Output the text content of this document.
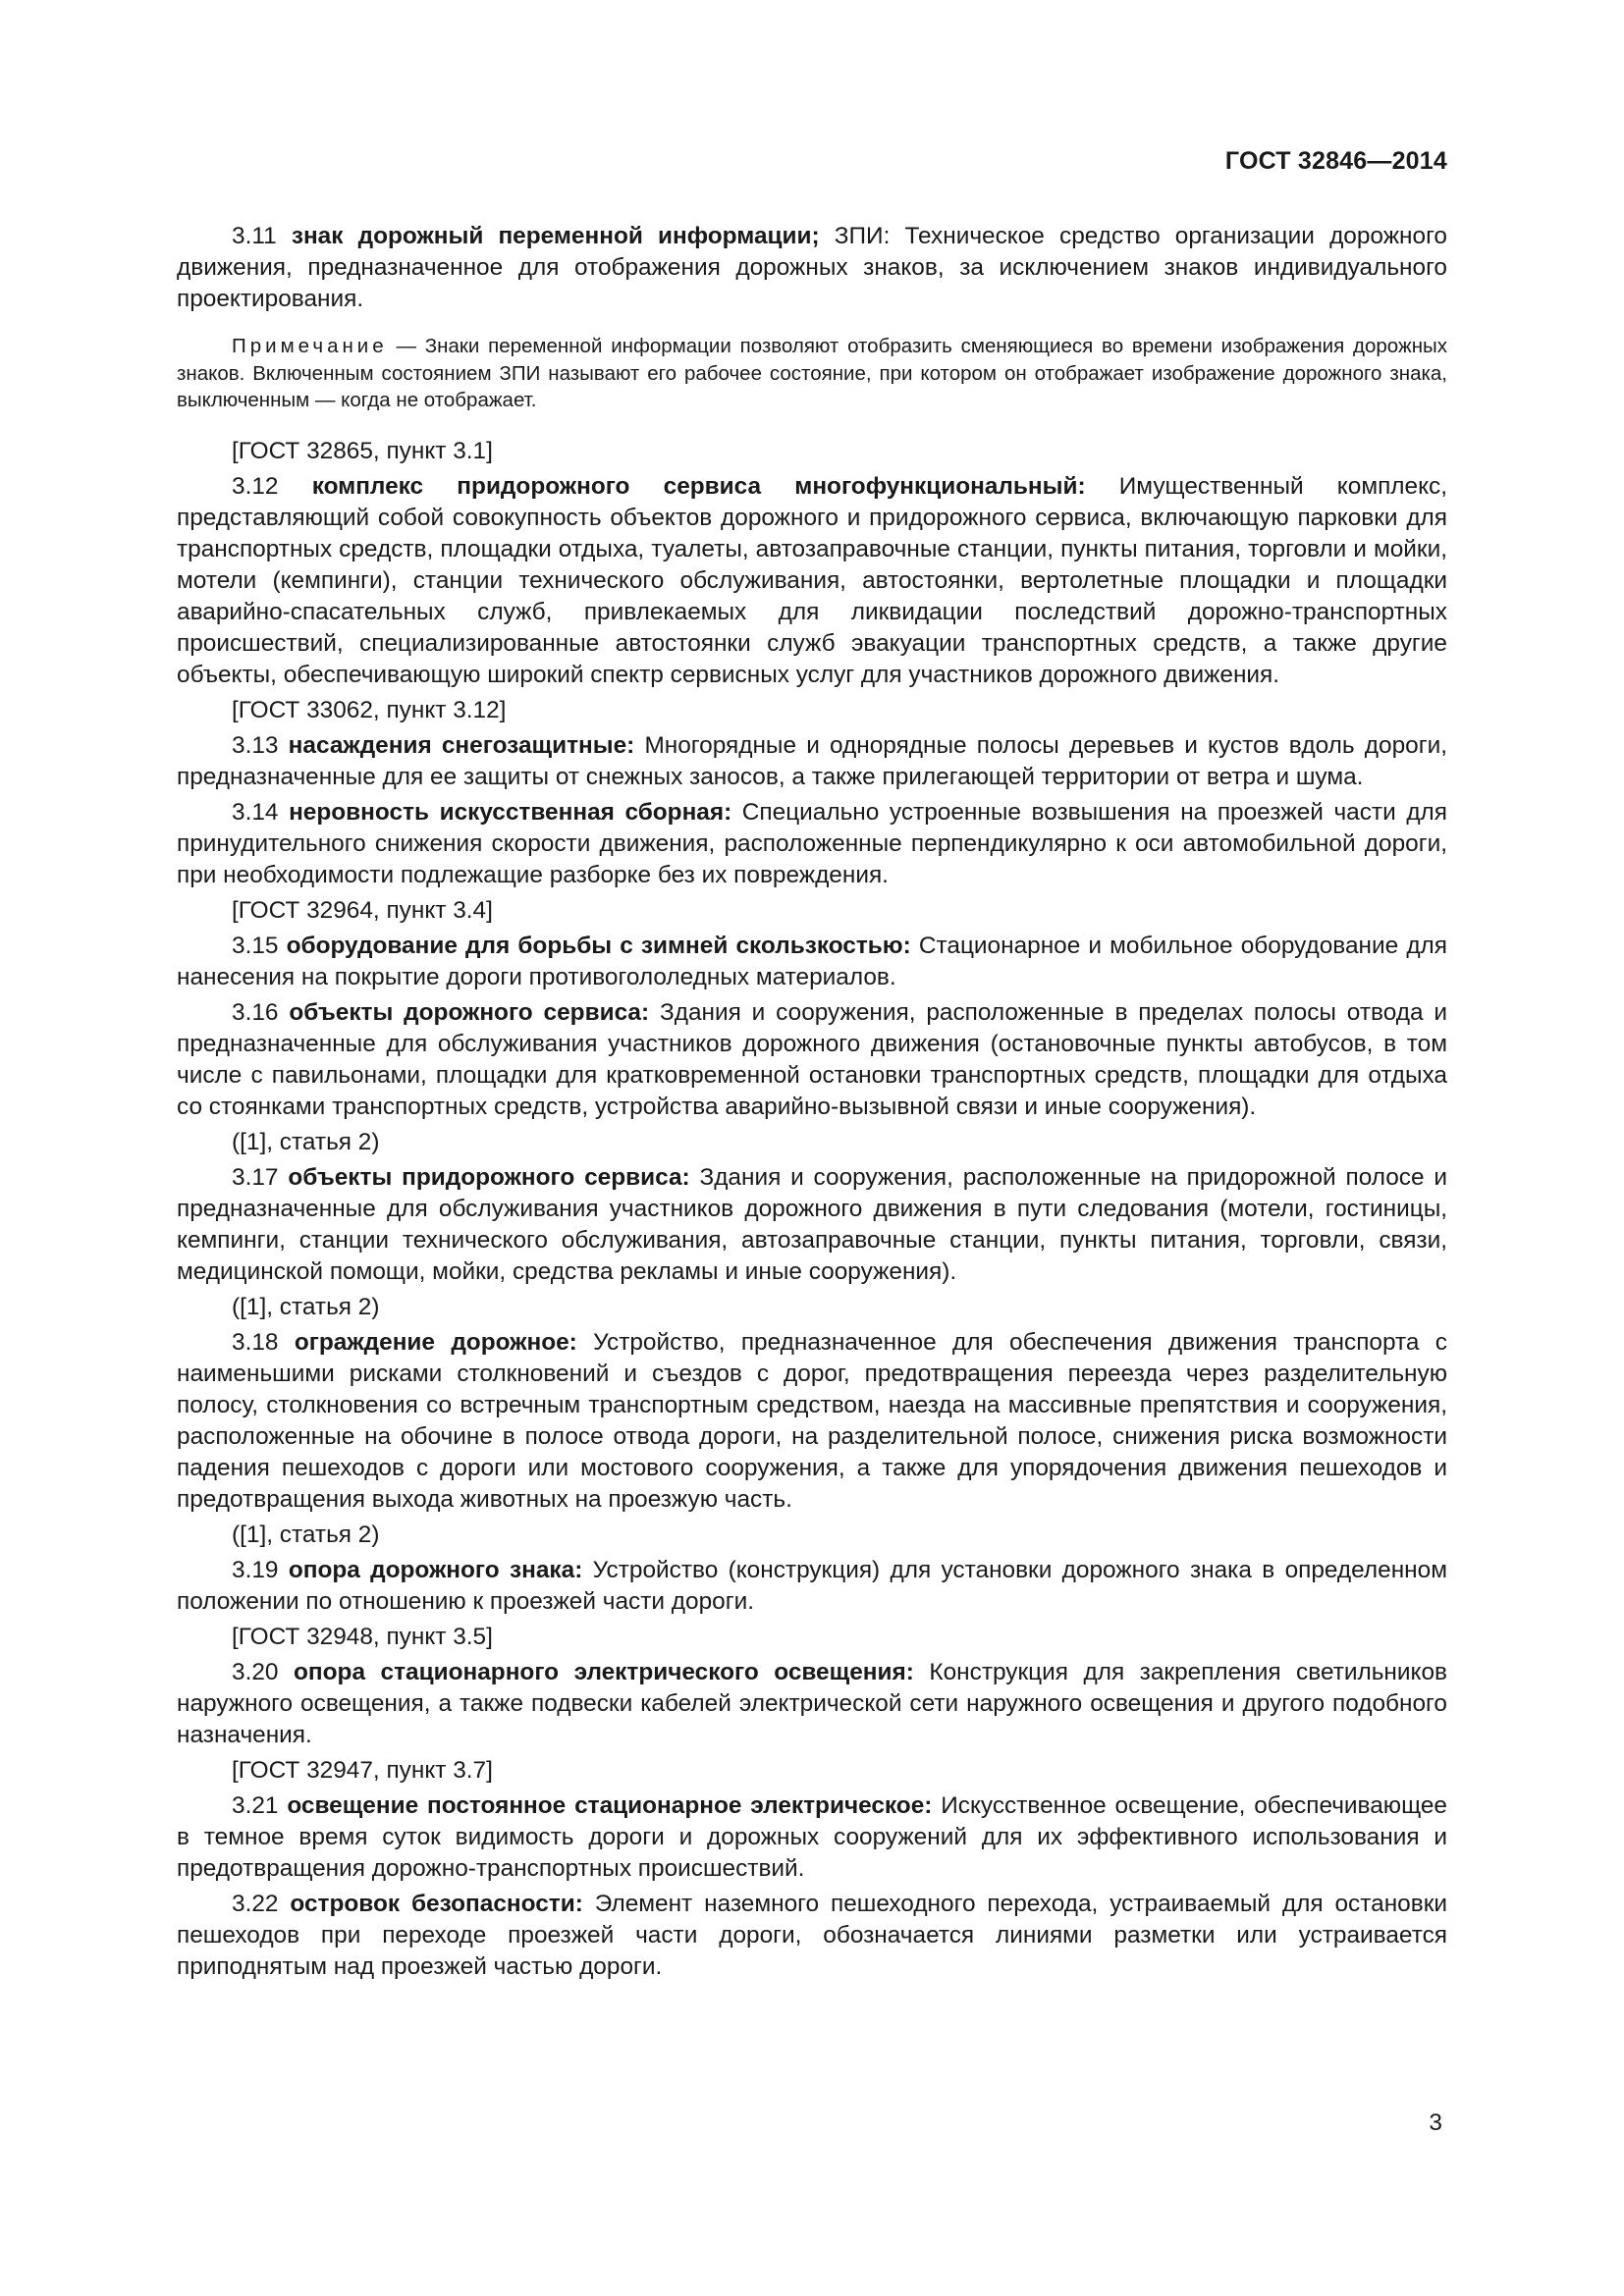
ГОСТ 32846—2014

3.11 знак дорожный переменной информации; ЗПИ: Техническое средство организации дорожного движения, предназначенное для отображения дорожных знаков, за исключением знаков индивидуального проектирования.

Примечание — Знаки переменной информации позволяют отобразить сменяющиеся во времени изображения дорожных знаков. Включенным состоянием ЗПИ называют его рабочее состояние, при котором он отображает изображение дорожного знака, выключенным — когда не отображает.

[ГОСТ 32865, пункт 3.1]

3.12 комплекс придорожного сервиса многофункциональный: Имущественный комплекс, представляющий собой совокупность объектов дорожного и придорожного сервиса, включающую парковки для транспортных средств, площадки отдыха, туалеты, автозаправочные станции, пункты питания, торговли и мойки, мотели (кемпинги), станции технического обслуживания, автостоянки, вертолетные площадки и площадки аварийно-спасательных служб, привлекаемых для ликвидации последствий дорожно-транспортных происшествий, специализированные автостоянки служб эвакуации транспортных средств, а также другие объекты, обеспечивающую широкий спектр сервисных услуг для участников дорожного движения.

[ГОСТ 33062, пункт 3.12]

3.13 насаждения снегозащитные: Многорядные и однорядные полосы деревьев и кустов вдоль дороги, предназначенные для ее защиты от снежных заносов, а также прилегающей территории от ветра и шума.

3.14 неровность искусственная сборная: Специально устроенные возвышения на проезжей части для принудительного снижения скорости движения, расположенные перпендикулярно к оси автомобильной дороги, при необходимости подлежащие разборке без их повреждения.

[ГОСТ 32964, пункт 3.4]

3.15 оборудование для борьбы с зимней скользкостью: Стационарное и мобильное оборудование для нанесения на покрытие дороги противогололедных материалов.

3.16 объекты дорожного сервиса: Здания и сооружения, расположенные в пределах полосы отвода и предназначенные для обслуживания участников дорожного движения (остановочные пункты автобусов, в том числе с павильонами, площадки для кратковременной остановки транспортных средств, площадки для отдыха со стоянками транспортных средств, устройства аварийно-вызывной связи и иные сооружения).

([1], статья 2)

3.17 объекты придорожного сервиса: Здания и сооружения, расположенные на придорожной полосе и предназначенные для обслуживания участников дорожного движения в пути следования (мотели, гостиницы, кемпинги, станции технического обслуживания, автозаправочные станции, пункты питания, торговли, связи, медицинской помощи, мойки, средства рекламы и иные сооружения).

([1], статья 2)

3.18 ограждение дорожное: Устройство, предназначенное для обеспечения движения транспорта с наименьшими рисками столкновений и съездов с дорог, предотвращения переезда через разделительную полосу, столкновения со встречным транспортным средством, наезда на массивные препятствия и сооружения, расположенные на обочине в полосе отвода дороги, на разделительной полосе, снижения риска возможности падения пешеходов с дороги или мостового сооружения, а также для упорядочения движения пешеходов и предотвращения выхода животных на проезжую часть.

([1], статья 2)

3.19 опора дорожного знака: Устройство (конструкция) для установки дорожного знака в определенном положении по отношению к проезжей части дороги.

[ГОСТ 32948, пункт 3.5]

3.20 опора стационарного электрического освещения: Конструкция для закрепления светильников наружного освещения, а также подвески кабелей электрической сети наружного освещения и другого подобного назначения.

[ГОСТ 32947, пункт 3.7]

3.21 освещение постоянное стационарное электрическое: Искусственное освещение, обеспечивающее в темное время суток видимость дороги и дорожных сооружений для их эффективного использования и предотвращения дорожно-транспортных происшествий.

3.22 островок безопасности: Элемент наземного пешеходного перехода, устраиваемый для остановки пешеходов при переходе проезжей части дороги, обозначается линиями разметки или устраивается приподнятым над проезжей частью дороги.

3
